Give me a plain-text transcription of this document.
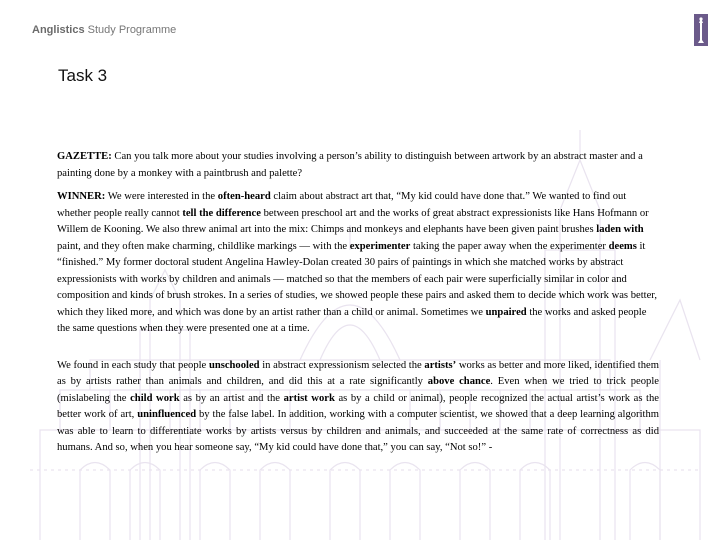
Anglistics Study Programme
Task 3

GAZETTE: Can you talk more about your studies involving a person’s ability to distinguish between artwork by an abstract master and a painting done by a monkey with a paintbrush and palette?

WINNER: We were interested in the often-heard claim about abstract art that, “My kid could have done that.” We wanted to find out whether people really cannot tell the difference between preschool art and the works of great abstract expressionists like Hans Hofmann or Willem de Kooning. We also threw animal art into the mix: Chimps and monkeys and elephants have been given paint brushes laden with paint, and they often make charming, childlike markings — with the experimenter taking the paper away when the experimenter deems it “finished.” My former doctoral student Angelina Hawley-Dolan created 30 pairs of paintings in which she matched works by abstract expressionists with works by children and animals — matched so that the members of each pair were superficially similar in color and composition and kinds of brush strokes. In a series of studies, we showed people these pairs and asked them to decide which work was better, which they liked more, and which was done by an artist rather than a child or animal. Sometimes we unpaired the works and asked people the same questions when they were presented one at a time.

We found in each study that people unschooled in abstract expressionism selected the artists’ works as better and more liked, identified them as by artists rather than animals and children, and did this at a rate significantly above chance. Even when we tried to trick people (mislabeling the child work as by an artist and the artist work as by a child or animal), people recognized the actual artist’s work as the better work of art, uninfluenced by the false label. In addition, working with a computer scientist, we showed that a deep learning algorithm was able to learn to differentiate works by artists versus by children and animals, and succeeded at the same rate of correctness as did humans. And so, when you hear someone say, “My kid could have done that,” you can say, “Not so!” -
